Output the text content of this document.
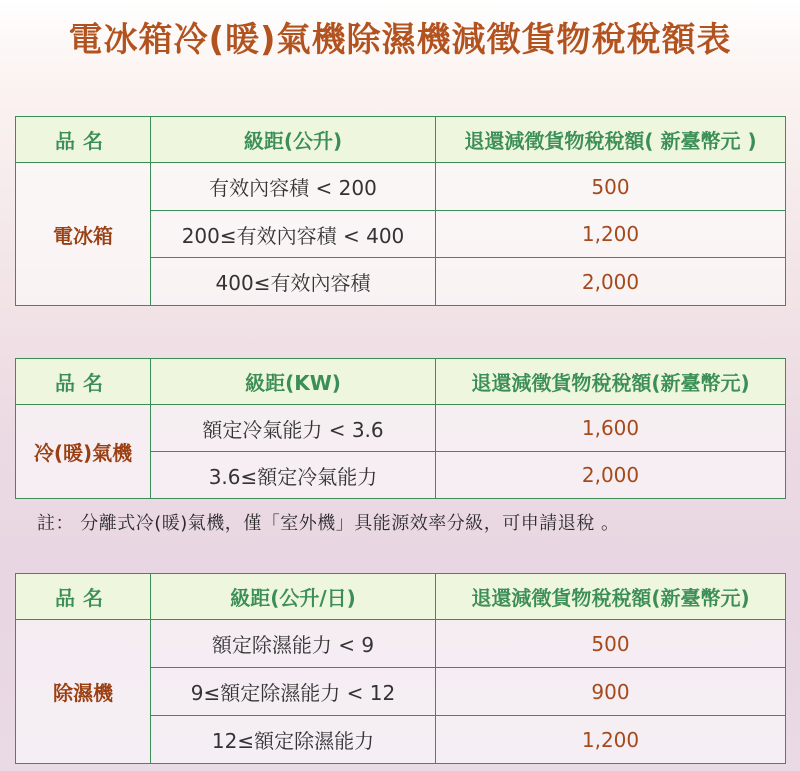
電冰箱冷(暖)氣機除濕機減徵貨物稅稅額表
品名	級距(公升)	退還減徵貨物稅稅額( 新臺幣元 )
電冰箱	有效內容積 < 200	500
	200≤有效內容積 < 400	1,200
	400≤有效內容積	2,000
品名	級距(KW)	退還減徵貨物稅稅額(新臺幣元)
冷(暖)氣機	額定冷氣能力 < 3.6	1,600
	3.6≤額定冷氣能力	2,000

註： 分離式冷(暖)氣機，僅「室外機」具能源效率分級，可申請退稅 。

品名	級距(公升/日)	退還減徵貨物稅稅額(新臺幣元)
除濕機	額定除濕能力 < 9	500
	9≤額定除濕能力 < 12	900
	12≤額定除濕能力	1,200
